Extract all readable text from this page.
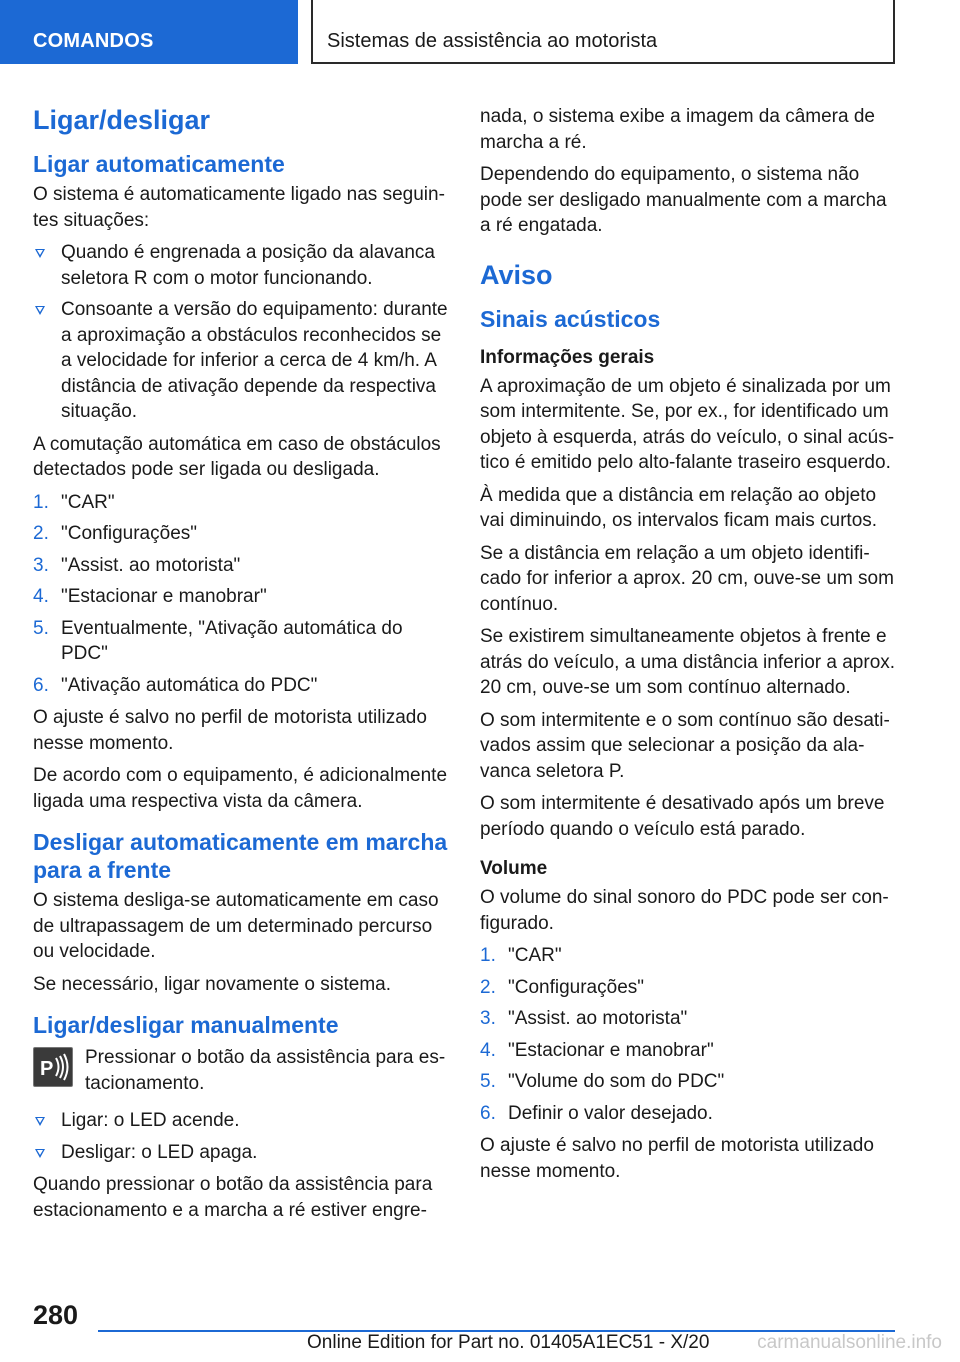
COMANDOS	Sistemas de assistência ao motorista
Ligar/desligar
Ligar automaticamente

O sistema é automaticamente ligado nas seguintes situações:

Quando é engrenada a posição da alavanca seletora R com o motor funcionando.
Consoante a versão do equipamento: durante a aproximação a obstáculos reconhecidos se a velocidade for inferior a cerca de 4 km/h. A distância de ativação depende da respectiva situação.

A comutação automática em caso de obstáculos detectados pode ser ligada ou desligada.

1. "CAR"
2. "Configurações"
3. "Assist. ao motorista"
4. "Estacionar e manobrar"
5. Eventualmente, "Ativação automática do PDC"
6. "Ativação automática do PDC"

O ajuste é salvo no perfil de motorista utilizado nesse momento.

De acordo com o equipamento, é adicionalmente ligada uma respectiva vista da câmera.

Desligar automaticamente em marcha para a frente

O sistema desliga-se automaticamente em caso de ultrapassagem de um determinado percurso ou velocidade.

Se necessário, ligar novamente o sistema.

Ligar/desligar manualmente
P
Pressionar o botão da assistência para estacionamento.
Ligar: o LED acende.
Desligar: o LED apaga.

Quando pressionar o botão da assistência para estacionamento e a marcha a ré estiver engre-

nada, o sistema exibe a imagem da câmera de marcha a ré.

Dependendo do equipamento, o sistema não pode ser desligado manualmente com a marcha a ré engatada.

Aviso
Sinais acústicos
Informações gerais

A aproximação de um objeto é sinalizada por um som intermitente. Se, por ex., for identificado um objeto à esquerda, atrás do veículo, o sinal acústico é emitido pelo alto-falante traseiro esquerdo.

À medida que a distância em relação ao objeto vai diminuindo, os intervalos ficam mais curtos.

Se a distância em relação a um objeto identificado for inferior a aprox. 20 cm, ouve-se um som contínuo.

Se existirem simultaneamente objetos à frente e atrás do veículo, a uma distância inferior a aprox. 20 cm, ouve-se um som contínuo alternado.

O som intermitente e o som contínuo são desativados assim que selecionar a posição da alavanca seletora P.

O som intermitente é desativado após um breve período quando o veículo está parado.

Volume

O volume do sinal sonoro do PDC pode ser configurado.

1. "CAR"
2. "Configurações"
3. "Assist. ao motorista"
4. "Estacionar e manobrar"
5. "Volume do som do PDC"
6. Definir o valor desejado.

O ajuste é salvo no perfil de motorista utilizado nesse momento.

280
Online Edition for Part no. 01405A1EC51 - X/20	carmanualsonline.info
